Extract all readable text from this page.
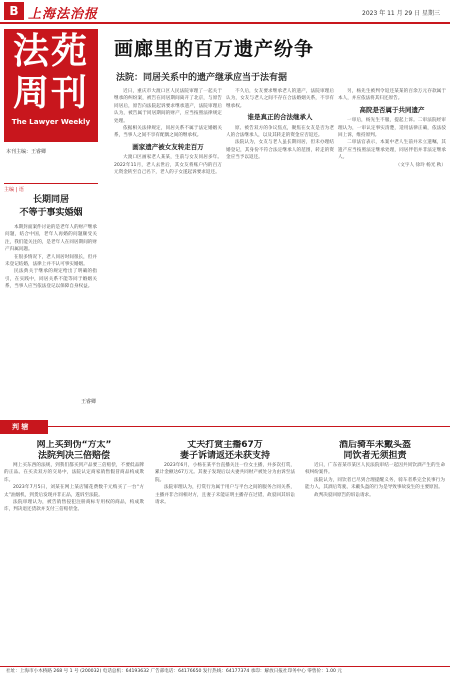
B 上海法治报	2023 年 11 月 29 日 星期三
法苑
周刊
The Lawyer Weekly
本刊主编：王睿卿
主编 | 语
长期同居
不等于事实婚姻

本期封面案件讨论的是老年人的财产继承问题，结合中国，老年人再婚的问题颇受关注，我们能关注的，是老年人在同居期间的财产归属问题。

在很多情况下，老人同居时间很长，但并未登记结婚，法律上并不认可事实婚姻。

民法典关于继承的规定给出了明确的指引，在实践中，同居关系不能等同于婚姻关系，当事人应当依法登记以保障自身权益。

王睿卿
画廊里的百万遗产纷争
法院：同居关系中的遗产继承应当于法有据

近日，重庆市大渡口区人民法院审理了一起关于继承的纠纷案，被告在同居期间离开了北京，与原告同居后，原告向法院起诉要求继承遗产，法院审理后认为，被告属于同居期间的财产，应当按照法律规定处理。

依据相关法律规定，同居关系不属于法定婚姻关系，当事人之间不享有配偶之间的继承权。

画家遗产被女友转走百万

大渡口区画家老人某某，生前与女友同居多年。2022年11月，老人去世后，其女友将账户内的百万元资金转至自己名下，老人的子女遂起诉要求返还。

不久后，女友要求继承老人的遗产，法院审理后认为，女友与老人之间不存在合法婚姻关系，不享有继承权。

谁是真正的合法继承人

原、被告双方的争议焦点，聚焦在女友是否为老人的合法继承人，以及其转走的资金应否返还。

法院认为，女友与老人虽长期同居，但未办理结婚登记，其身份不符合法定继承人的范围，转走的资金应当予以返还。

另，杨先生被判令返还某某的百余万元存款属于本人，并应依法将其归还原告。

高院是否属于共同遗产

一审后，杨先生不服，提起上诉。二审法院经审理认为，一审认定事实清楚，适用法律正确，依法驳回上诉，维持原判。

二审法官表示，本案中老人生前并未立遗嘱，其遗产应当按照法定继承处理，同居伴侣并非法定继承人。

（文字人 徐玲 杨光 秋）

判 辖
网上买到伪“方太”
法院判决三倍赔偿

网上买东西的法规，到我们都买到产品要三倍赔偿，不要低品牌的正品。在买卖双方的交易中，法院认定商家销售假冒商品构成欺诈。

2023年7月5日，刘某在网上某店铺花费数千元购买了一台“方太”油烟机，到货后发现并非正品，遂诉至法院。

法院审理认为，被告销售侵犯注册商标专用权的商品，构成欺诈，判决退还货款并支付三倍赔偿金。

丈夫打赏主播67万
妻子诉请返还未获支持

2023年6月，小杨在某平台直播关注一位女主播，并多次打赏，累计金额达67万元。其妻子发现后以夫妻共同财产被处分为由诉至法院。

法院审理认为，打赏行为属于用户与平台之间的服务合同关系，主播并非合同相对方，且妻子未能证明主播存在过错，故驳回其诉讼请求。

酒后骑车未戴头盔
同饮者无须担责

近日，广东省某市某区人民法院审结一起因共同饮酒产生的生命权纠纷案件。

法院认为，同饮者已尽到合理提醒义务，骑车者系完全民事行为能力人，其酒后驾驶、未戴头盔的行为是导致事故发生的主要原因。

故判决驳回原告的诉讼请求。

社址：上海市小木桥路 268 号 1 号 (200032) 电话总机：64193632 广告部电话：64176650 发行热线：64177374 承印：解放日报社印务中心 零售价：1.00 元
